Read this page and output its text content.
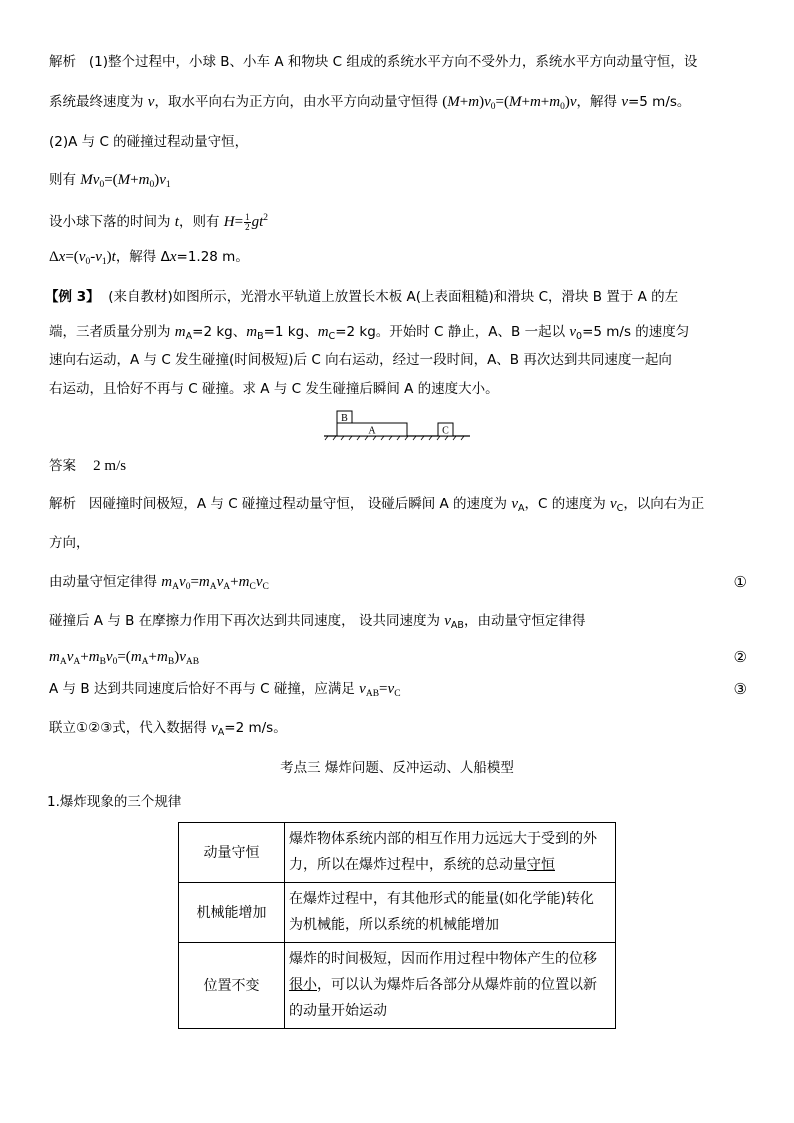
解析 (1)整个过程中，小球 B、小车 A 和物块 C 组成的系统水平方向不受外力，系统水平方向动量守恒，设
系统最终速度为 v，取水平向右为正方向，由水平方向动量守恒得 $(M+m)v_0=(M+m+m_0)v$，解得 v=5 m/s。
(2)A 与 C 的碰撞过程动量守恒，
则有 $Mv_0=(M+m_0)v_1$
设小球下落的时间为 t，则有 $H= \frac{1}{2} gt^2$
$\Delta x=(v_0-v_1)t$，解得 Δx=1.28 m。
【例 3】 (来自教材)如图所示，光滑水平轨道上放置长木板 A(上表面粗糙)和滑块 C，滑块 B 置于 A 的左
端，三者质量分别为 $m_A=2$ kg、$m_B=1$ kg、$m_C=2$ kg。开始时 C 静止，A、B 一起以 $v_0=5$ m/s 的速度匀
速向右运动，A 与 C 发生碰撞(时间极短)后 C 向右运动，经过一段时间，A、B 再次达到共同速度一起向
右运动，且恰好不再与 C 碰撞。求 A 与 C 发生碰撞后瞬间 A 的速度大小。
B
A	C
答案 2 m/s
解析 因碰撞时间极短，A 与 C 碰撞过程动量守恒， 设碰后瞬间 A 的速度为 $v_A$，C 的速度为 $v_C$，以向右为正
方向，
由动量守恒定律得 $m_Av_0=m_Av_A+m_Cv_C$	①
碰撞后 A 与 B 在摩擦力作用下再次达到共同速度， 设共同速度为 $v_{AB}$，由动量守恒定律得
$m_Av_A+m_Bv_0=(m_A+m_B)v_{AB}$	②
A 与 B 达到共同速度后恰好不再与 C 碰撞，应满足 $v_{AB}=v_C$	③
联立①②③式，代入数据得 $v_A=2$ m/s。
考点三 爆炸问题、反冲运动、人船模型
1.爆炸现象的三个规律
动量守恒	爆炸物体系统内部的相互作用力远远大于受到的外
力，所以在爆炸过程中，系统的总动量守恒

机械能增加	在爆炸过程中，有其他形式的能量(如化学能)转化
为机械能，所以系统的机械能增加

位置不变	爆炸的时间极短，因而作用过程中物体产生的位移
很小，可以认为爆炸后各部分从爆炸前的位置以新
的动量开始运动
